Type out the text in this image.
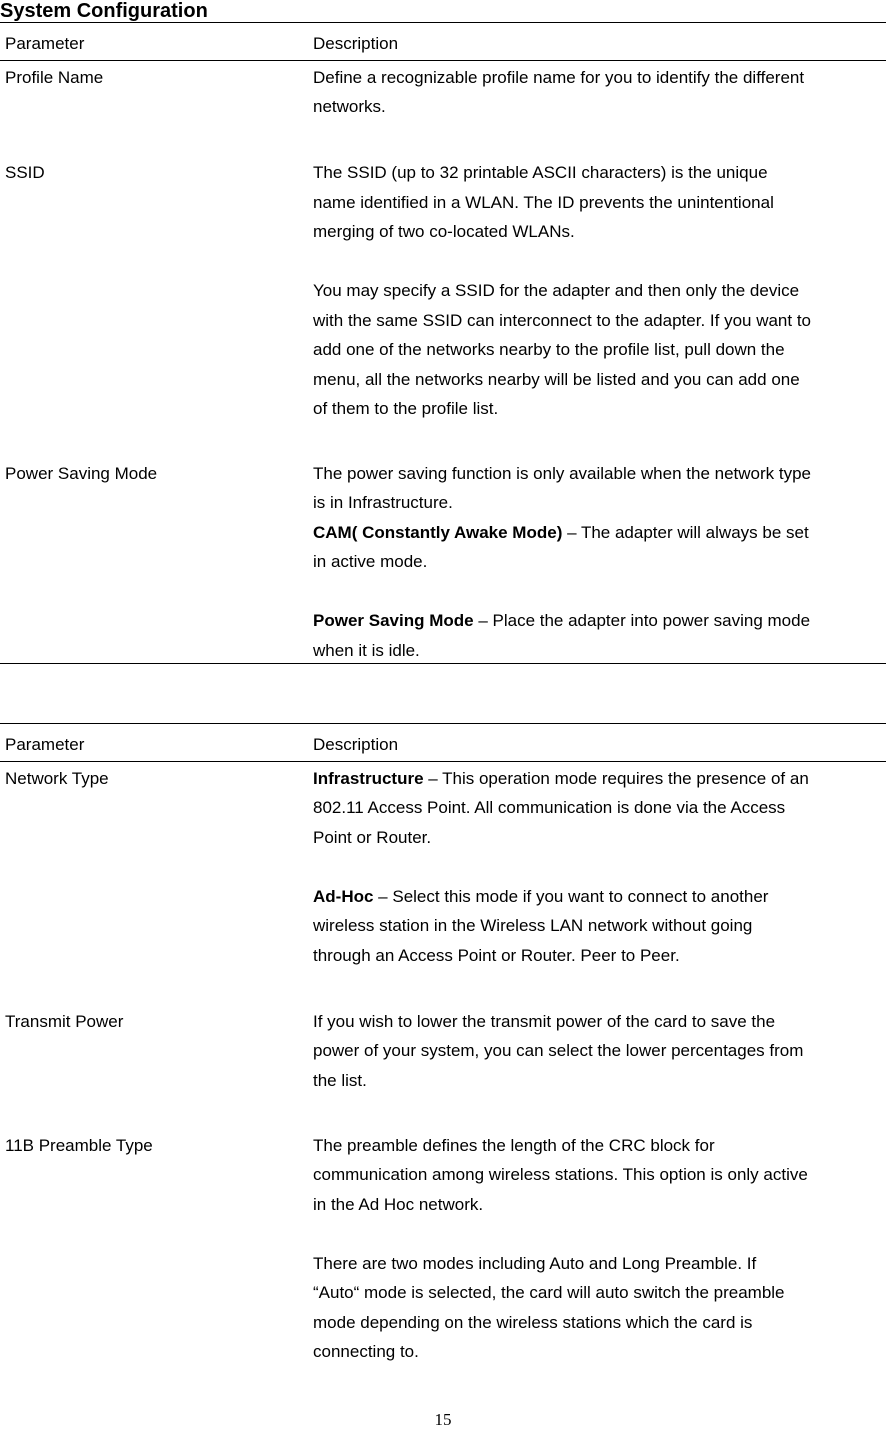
System Configuration
Parameter	Description
Profile Name	Define a recognizable profile name for you to identify the different
networks.
SSID	The SSID (up to 32 printable ASCII characters) is the unique
name identified in a WLAN. The ID prevents the unintentional
merging of two co-located WLANs.
You may specify a SSID for the adapter and then only the device
with the same SSID can interconnect to the adapter. If you want to
add one of the networks nearby to the profile list, pull down the
menu, all the networks nearby will be listed and you can add one
of them to the profile list.
Power Saving Mode	The power saving function is only available when the network type
is in Infrastructure.
CAM( Constantly Awake Mode) – The adapter will always be set
in active mode.
Power Saving Mode – Place the adapter into power saving mode
when it is idle.
Parameter	Description
Network Type	Infrastructure – This operation mode requires the presence of an
802.11 Access Point. All communication is done via the Access
Point or Router.
Ad-Hoc – Select this mode if you want to connect to another
wireless station in the Wireless LAN network without going
through an Access Point or Router. Peer to Peer.
Transmit Power	If you wish to lower the transmit power of the card to save the
power of your system, you can select the lower percentages from
the list.
11B Preamble Type	The preamble defines the length of the CRC block for
communication among wireless stations. This option is only active
in the Ad Hoc network.
There are two modes including Auto and Long Preamble. If
“Auto“ mode is selected, the card will auto switch the preamble
mode depending on the wireless stations which the card is
connecting to.
15
